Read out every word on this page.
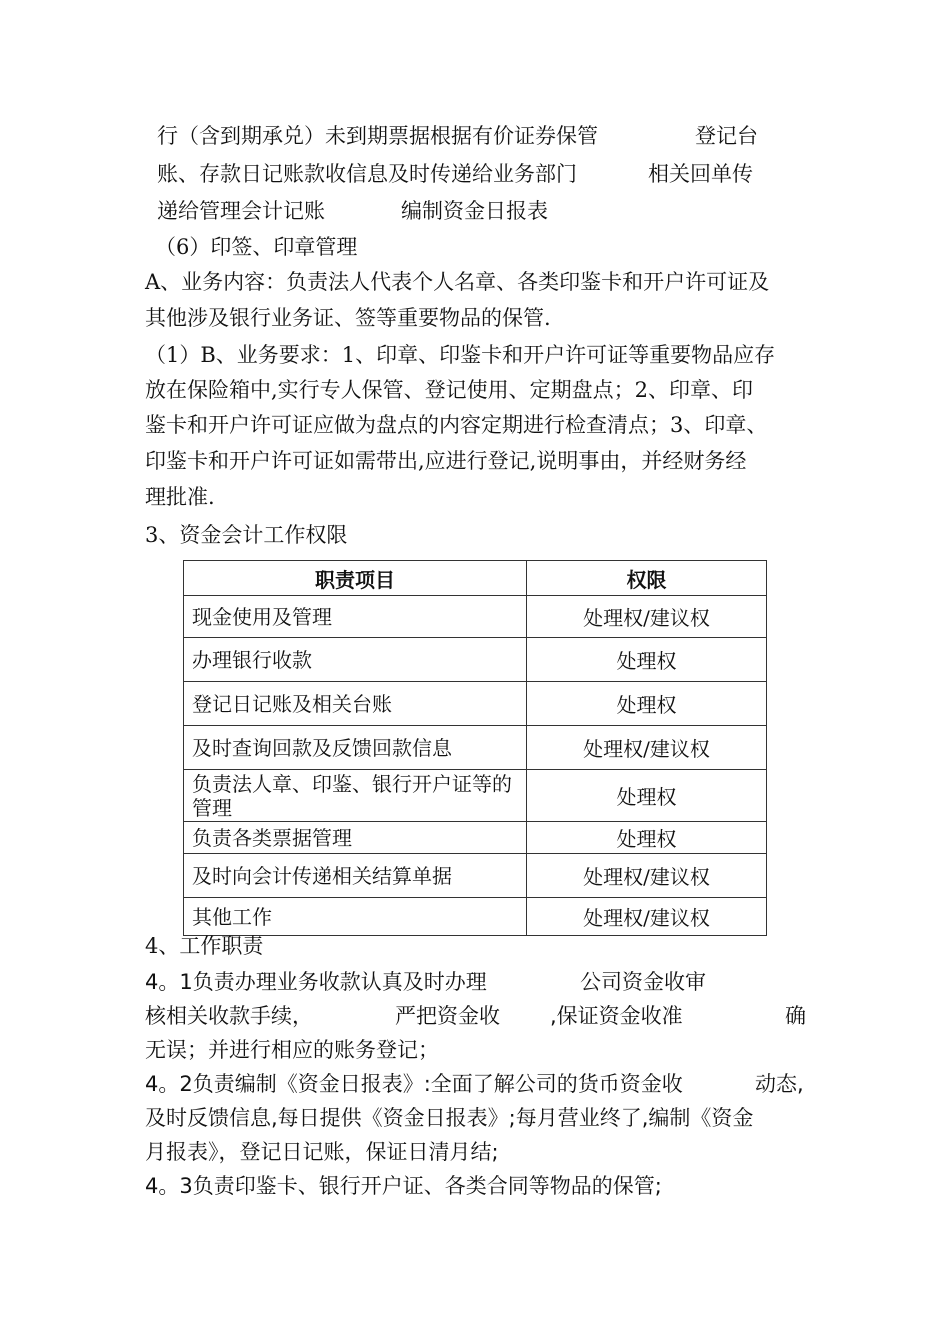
行（含到期承兑）未到期票据根据有价证券保管	登记台
账、存款日记账款收信息及时传递给业务部门	相关回单传
递给管理会计记账	编制资金日报表
（6）印签、印章管理
A、业务内容：负责法人代表个人名章、各类印鉴卡和开户许可证及
其他涉及银行业务证、签等重要物品的保管.
（1）B、业务要求：1、印章、印鉴卡和开户许可证等重要物品应存
放在保险箱中,实行专人保管、登记使用、定期盘点；2、印章、印
鉴卡和开户许可证应做为盘点的内容定期进行检查清点；3、印章、
印鉴卡和开户许可证如需带出,应进行登记,说明事由，并经财务经
理批准.
3、资金会计工作权限
职责项目	权限
现金使用及管理	处理权/建议权
办理银行收款	处理权
登记日记账及相关台账	处理权
及时查询回款及反馈回款信息	处理权/建议权
负责法人章、印鉴、银行开户证等的管理	处理权
负责各类票据管理	处理权
及时向会计传递相关结算单据	处理权/建议权
其他工作	处理权/建议权
4、工作职责
4。1负责办理业务收款认真及时办理	公司资金收审
核相关收款手续，	严把资金收 ,保证资金收准	确
无误；并进行相应的账务登记；
4。2负责编制《资金日报表》:全面了解公司的货币资金收	动态,
及时反馈信息,每日提供《资金日报表》;每月营业终了,编制《资金
月报表》，登记日记账，保证日清月结;
4。3负责印鉴卡、银行开户证、各类合同等物品的保管;
